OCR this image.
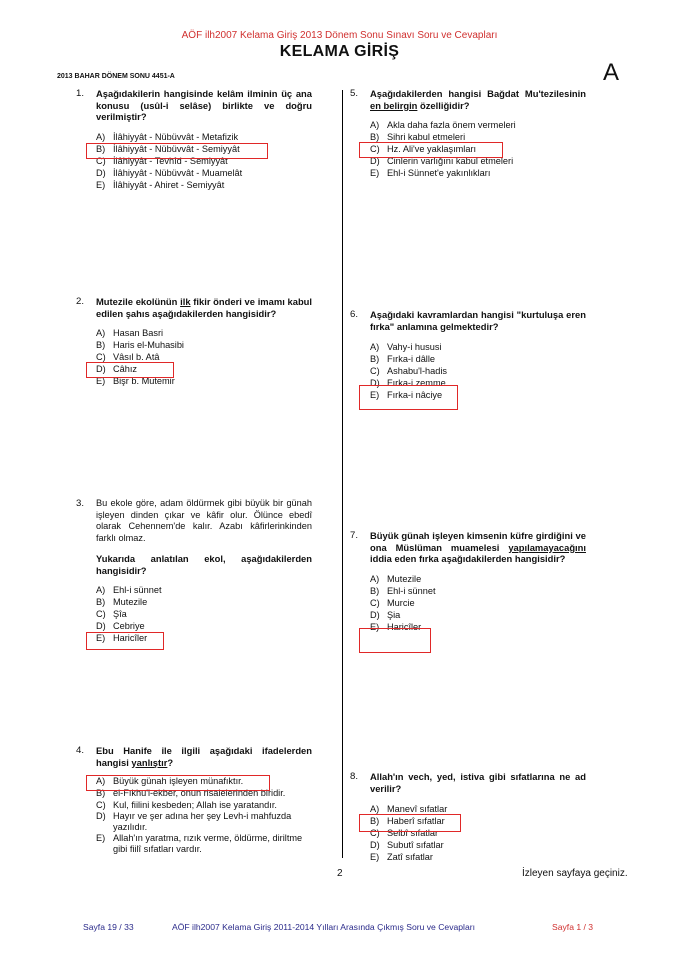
AÖF ilh2007 Kelama Giriş 2013 Dönem Sonu Sınavı Soru ve Cevapları
KELAMA GİRİŞ
2013 BAHAR DÖNEM SONU 4451-A	A
1. Aşağıdakilerin hangisinde kelâm ilminin üç ana konusu (usûl-i selâse) birlikte ve doğru verilmiştir?
A) İlâhiyyât - Nübüvvât - Metafizik
B) İlâhiyyât - Nübüvvât - Semiyyât
C) İlâhiyyât - Tevhîd - Semiyyât
D) İlâhiyyât - Nübüvvât - Muamelât
E) İlâhiyyât - Ahiret - Semiyyât
2. Mutezile ekolünün ilk fikir önderi ve imamı kabul edilen şahıs aşağıdakilerden hangisidir?
A) Hasan Basri
B) Haris el-Muhasibi
C) Vâsıl b. Atâ
D) Câhız
E) Bişr b. Mutemir
3. Bu ekole göre, adam öldürmek gibi büyük bir günah işleyen dinden çıkar ve kâfir olur. Ölünce ebedî olarak Cehennem'de kalır. Azabı kâfirlerinkinden farklı olmaz.
Yukarıda anlatılan ekol, aşağıdakilerden hangisidir?
A) Ehl-i sünnet
B) Mutezile
C) Şîa
D) Cebriye
E) Haricîler
4. Ebu Hanife ile ilgili aşağıdaki ifadelerden hangisi yanlıştır?
A) Büyük günah işleyen münafıktır.
B) el-Fıkhu'l-ekber, onun risalelerinden biridir.
C) Kul, fiilini kesbeden; Allah ise yaratandır.
D) Hayır ve şer adına her şey Levh-i mahfuzda yazılıdır.
E) Allah'ın yaratma, rızık verme, öldürme, diriltme gibi fiilî sıfatları vardır.
5. Aşağıdakilerden hangisi Bağdat Mu'tezilesinin en belirgin özelliğidir?
A) Akla daha fazla önem vermeleri
B) Sihri kabul etmeleri
C) Hz. Ali've yaklaşımları
D) Cinlerin varlığını kabul etmeleri
E) Ehl-i Sünnet'e yakınlıkları
6. Aşağıdaki kavramlardan hangisi "kurtuluşa eren fırka" anlamına gelmektedir?
A) Vahy-i hususi
B) Fırka-i dâlle
C) Ashabu'l-hadis
D) Fırka-i zemme
E) Fırka-i nâciye
7. Büyük günah işleyen kimsenin küfre girdiğini ve ona Müslüman muamelesi yapılamayacağını iddia eden fırka aşağıdakilerden hangisidir?
A) Mutezile
B) Ehl-i sünnet
C) Murcie
D) Şia
E) Haricîler
8. Allah'ın vech, yed, istiva gibi sıfatlarına ne ad verilir?
A) Manevî sıfatlar
B) Haberî sıfatlar
C) Selbî sıfatlar
D) Subutî sıfatlar
E) Zatî sıfatlar
2	İzleyen sayfaya geçiniz.
Sayfa 19 / 33	AÖF ilh2007 Kelama Giriş 2011-2014 Yılları Arasında Çıkmış Soru ve Cevapları	Sayfa 1 / 3
